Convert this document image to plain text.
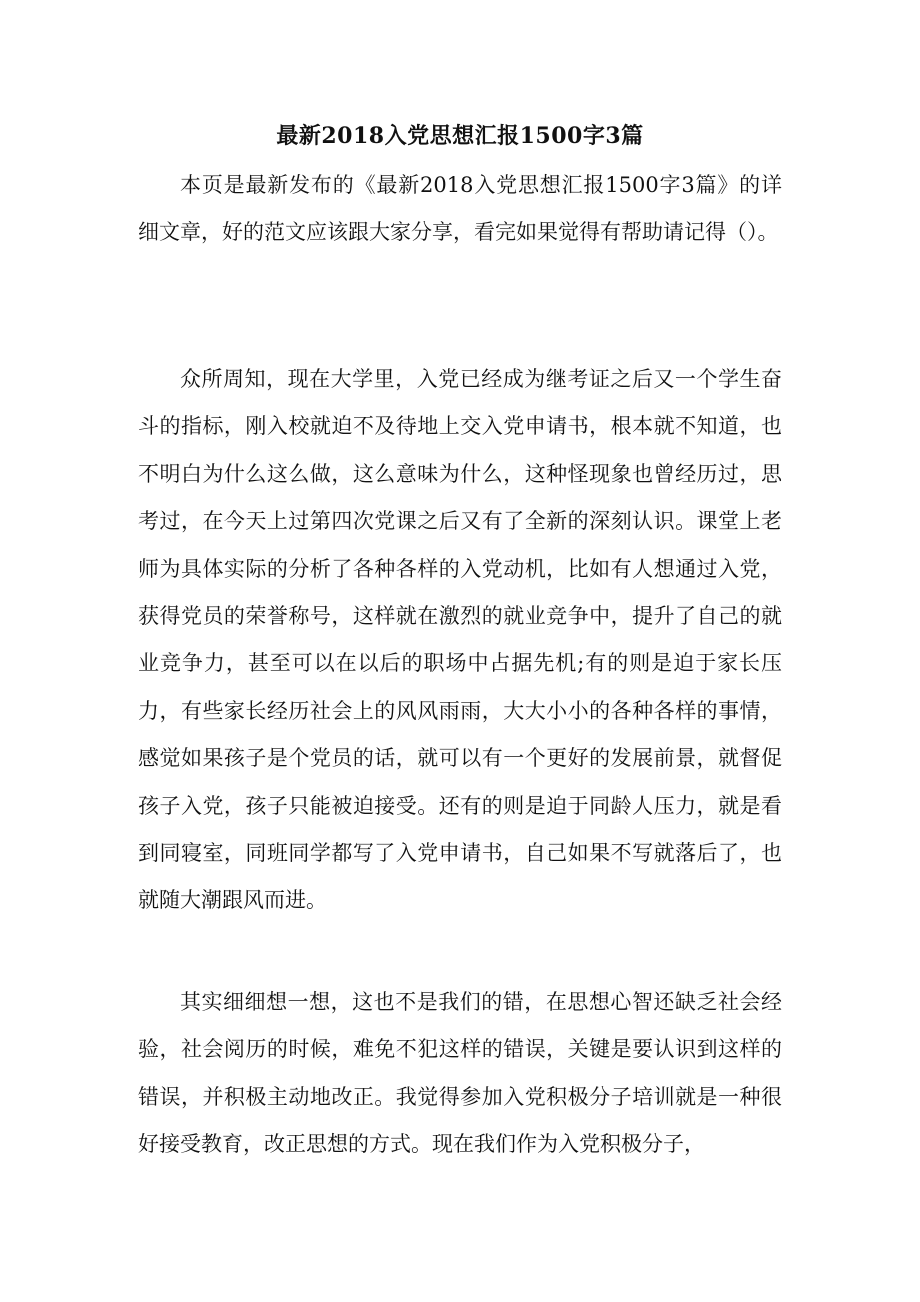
最新2018入党思想汇报1500字3篇

本页是最新发布的《最新2018入党思想汇报1500字3篇》的详细文章，好的范文应该跟大家分享，看完如果觉得有帮助请记得（）。

众所周知，现在大学里，入党已经成为继考证之后又一个学生奋斗的指标，刚入校就迫不及待地上交入党申请书，根本就不知道，也不明白为什么这么做，这么意味为什么，这种怪现象也曾经历过，思考过，在今天上过第四次党课之后又有了全新的深刻认识。课堂上老师为具体实际的分析了各种各样的入党动机，比如有人想通过入党，获得党员的荣誉称号，这样就在激烈的就业竞争中，提升了自己的就业竞争力，甚至可以在以后的职场中占据先机;有的则是迫于家长压力，有些家长经历社会上的风风雨雨，大大小小的各种各样的事情，感觉如果孩子是个党员的话，就可以有一个更好的发展前景，就督促孩子入党，孩子只能被迫接受。还有的则是迫于同龄人压力，就是看到同寝室，同班同学都写了入党申请书，自己如果不写就落后了，也就随大潮跟风而进。

其实细细想一想，这也不是我们的错，在思想心智还缺乏社会经验，社会阅历的时候，难免不犯这样的错误，关键是要认识到这样的错误，并积极主动地改正。我觉得参加入党积极分子培训就是一种很好接受教育，改正思想的方式。现在我们作为入党积极分子，
